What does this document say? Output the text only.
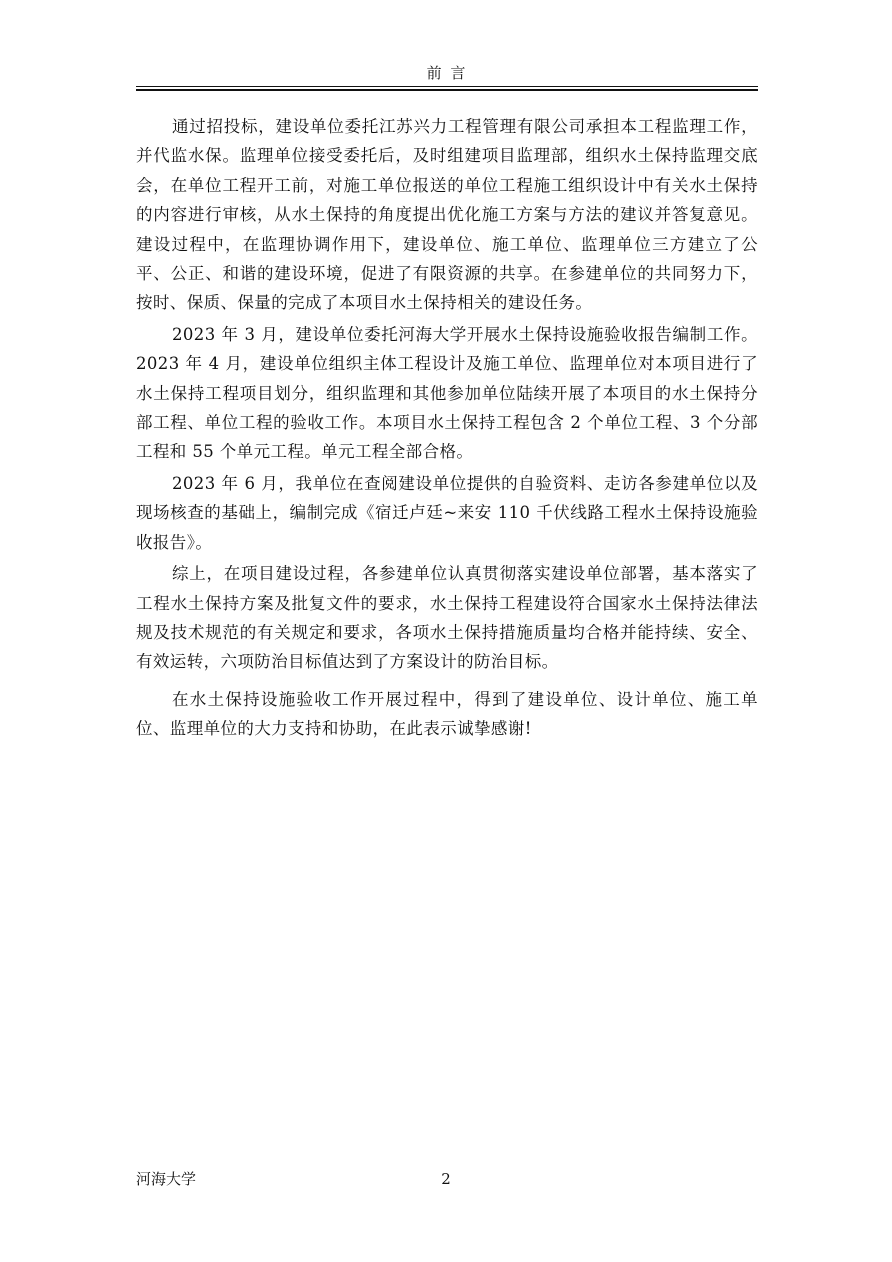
前 言

通过招投标，建设单位委托江苏兴力工程管理有限公司承担本工程监理工作，并代监水保。监理单位接受委托后，及时组建项目监理部，组织水土保持监理交底会，在单位工程开工前，对施工单位报送的单位工程施工组织设计中有关水土保持的内容进行审核，从水土保持的角度提出优化施工方案与方法的建议并答复意见。建设过程中，在监理协调作用下，建设单位、施工单位、监理单位三方建立了公平、公正、和谐的建设环境，促进了有限资源的共享。在参建单位的共同努力下，按时、保质、保量的完成了本项目水土保持相关的建设任务。

2023 年 3 月，建设单位委托河海大学开展水土保持设施验收报告编制工作。2023 年 4 月，建设单位组织主体工程设计及施工单位、监理单位对本项目进行了水土保持工程项目划分，组织监理和其他参加单位陆续开展了本项目的水土保持分部工程、单位工程的验收工作。本项目水土保持工程包含 2 个单位工程、3 个分部工程和 55 个单元工程。单元工程全部合格。

2023 年 6 月，我单位在查阅建设单位提供的自验资料、走访各参建单位以及现场核查的基础上，编制完成《宿迁卢廷~来安 110 千伏线路工程水土保持设施验收报告》。

综上，在项目建设过程，各参建单位认真贯彻落实建设单位部署，基本落实了工程水土保持方案及批复文件的要求，水土保持工程建设符合国家水土保持法律法规及技术规范的有关规定和要求，各项水土保持措施质量均合格并能持续、安全、有效运转，六项防治目标值达到了方案设计的防治目标。

在水土保持设施验收工作开展过程中，得到了建设单位、设计单位、施工单位、监理单位的大力支持和协助，在此表示诚挚感谢!

河海大学	2
